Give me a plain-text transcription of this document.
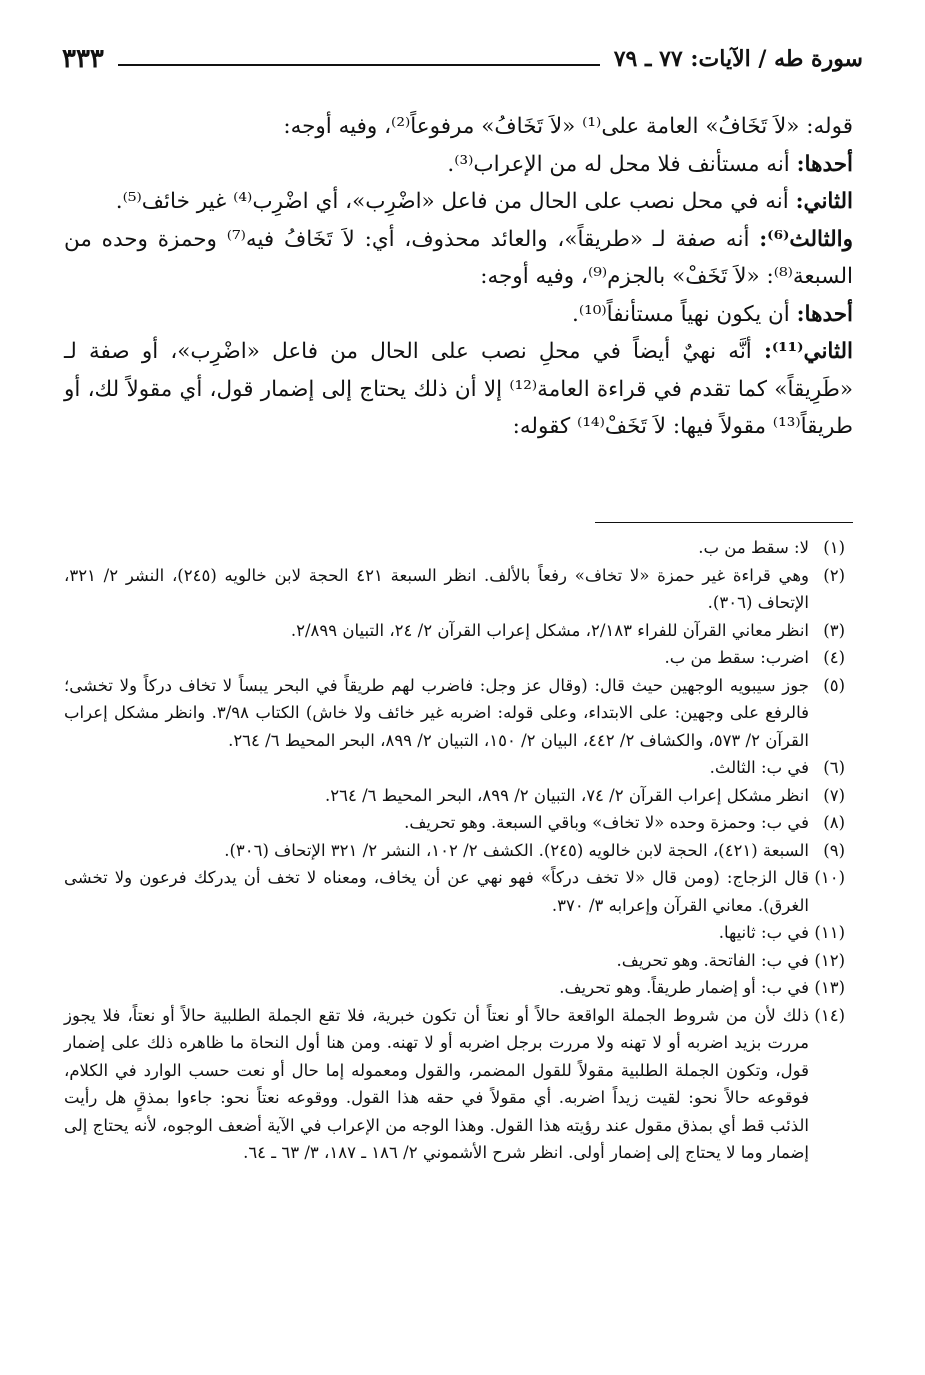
سورة طه / الآيات: ٧٧ ـ ٧٩
٣٣٣

قوله: «لاَ تَخَافُ» العامة على⁽¹⁾ «لاَ تَخَافُ» مرفوعاً⁽²⁾، وفيه أوجه:

أحدها: أنه مستأنف فلا محل له من الإعراب⁽³⁾.

الثاني: أنه في محل نصب على الحال من فاعل «اضْرِب»، أي اضْرِب⁽⁴⁾ غير خائف⁽⁵⁾.

والثالث⁽⁶⁾: أنه صفة لـ «طريقاً»، والعائد محذوف، أي: لاَ تَخَافُ فيه⁽⁷⁾ وحمزة وحده من السبعة⁽⁸⁾: «لاَ تَخَفْ» بالجزم⁽⁹⁾، وفيه أوجه:

أحدها: أن يكون نهياً مستأنفاً⁽¹⁰⁾.

الثاني⁽¹¹⁾: أنَّه نهيٌ أيضاً في محلِ نصب على الحال من فاعل «اضْرِب»، أو صفة لـ «طَرِيقاً» كما تقدم في قراءة العامة⁽¹²⁾ إلا أن ذلك يحتاج إلى إضمار قول، أي مقولاً لك، أو طريقاً⁽¹³⁾ مقولاً فيها: لاَ تَخَفْ⁽¹⁴⁾ كقوله:

(١)
لا: سقط من ب.
(٢)
وهي قراءة غير حمزة «لا تخاف» رفعاً بالألف. انظر السبعة ٤٢١ الحجة لابن خالويه (٢٤٥)، النشر ٢/ ٣٢١، الإتحاف (٣٠٦).
(٣)
انظر معاني القرآن للفراء ٢/١٨٣، مشكل إعراب القرآن ٢/ ٢٤، التبيان ٢/٨٩٩.
(٤)
اضرب: سقط من ب.
(٥)
جوز سيبويه الوجهين حيث قال: (وقال عز وجل: فاضرب لهم طريقاً في البحر يبساً لا تخاف دركاً ولا تخشى؛ فالرفع على وجهين: على الابتداء، وعلى قوله: اضربه غير خائف ولا خاش) الكتاب ٣/٩٨. وانظر مشكل إعراب القرآن ٢/ ٥٧٣، والكشاف ٢/ ٤٤٢، البيان ٢/ ١٥٠، التبيان ٢/ ٨٩٩، البحر المحيط ٦/ ٢٦٤.
(٦)
في ب: الثالث.
(٧)
انظر مشكل إعراب القرآن ٢/ ٧٤، التبيان ٢/ ٨٩٩، البحر المحيط ٦/ ٢٦٤.
(٨)
في ب: وحمزة وحده «لا تخاف» وباقي السبعة. وهو تحريف.
(٩)
السبعة (٤٢١)، الحجة لابن خالويه (٢٤٥). الكشف ٢/ ١٠٢، النشر ٢/ ٣٢١ الإتحاف (٣٠٦).
(١٠)
قال الزجاج: (ومن قال «لا تخف دركاً» فهو نهي عن أن يخاف، ومعناه لا تخف أن يدركك فرعون ولا تخشى الغرق). معاني القرآن وإعرابه ٣/ ٣٧٠.
(١١)
في ب: ثانيها.
(١٢)
في ب: الفاتحة. وهو تحريف.
(١٣)
في ب: أو إضمار طريقاً. وهو تحريف.
(١٤)
ذلك لأن من شروط الجملة الواقعة حالاً أو نعتاً أن تكون خبرية، فلا تقع الجملة الطلبية حالاً أو نعتاً، فلا يجوز مررت بزيد اضربه أو لا تهنه ولا مررت برجل اضربه أو لا تهنه. ومن هنا أول النحاة ما ظاهره ذلك على إضمار قول، وتكون الجملة الطلبية مقولاً للقول المضمر، والقول ومعموله إما حال أو نعت حسب الوارد في الكلام، فوقوعه حالاً نحو: لقيت زيداً اضربه. أي مقولاً في حقه هذا القول. ووقوعه نعتاً نحو: جاءوا بمذقٍ هل رأيت الذئب قط أي بمذق مقول عند رؤيته هذا القول. وهذا الوجه من الإعراب في الآية أضعف الوجوه، لأنه يحتاج إلى إضمار وما لا يحتاج إلى إضمار أولى. انظر شرح الأشموني ٢/ ١٨٦ ـ ١٨٧، ٣/ ٦٣ ـ ٦٤.
